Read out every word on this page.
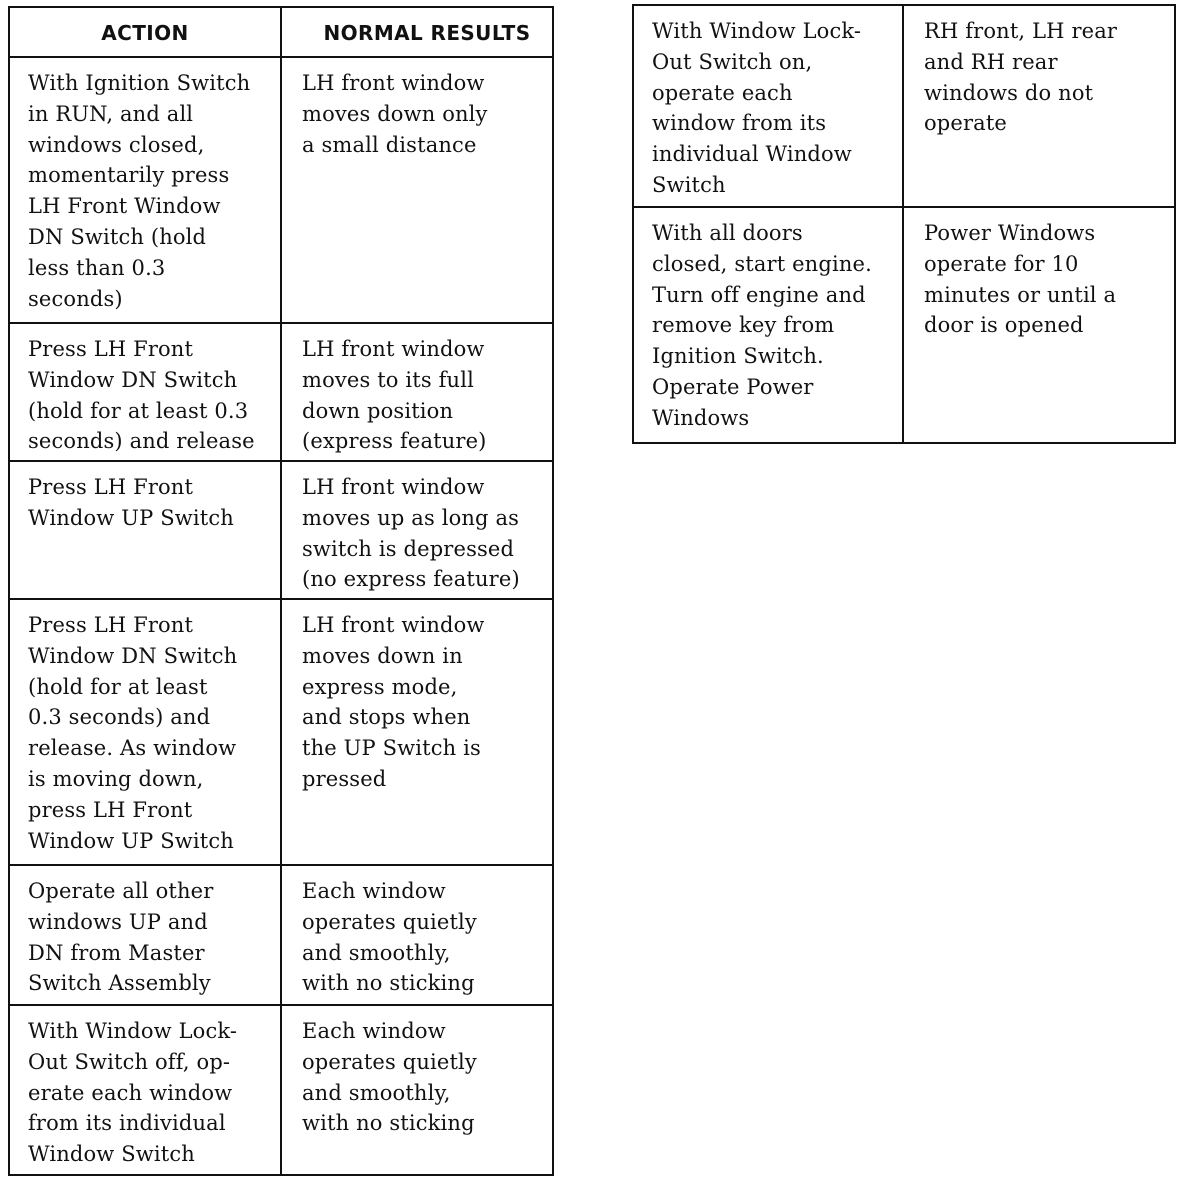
ACTION	NORMAL RESULTS
With Ignition Switch
in RUN, and all
windows closed,
momentarily press
LH Front Window
DN Switch (hold
less than 0.3
seconds)
LH front window
moves down only
a small distance
Press LH Front
Window DN Switch
(hold for at least 0.3
seconds) and release
LH front window
moves to its full
down position
(express feature)
Press LH Front
Window UP Switch
LH front window
moves up as long as
switch is depressed
(no express feature)
Press LH Front
Window DN Switch
(hold for at least
0.3 seconds) and
release. As window
is moving down,
press LH Front
Window UP Switch
LH front window
moves down in
express mode,
and stops when
the UP Switch is
pressed
Operate all other
windows UP and
DN from Master
Switch Assembly
Each window
operates quietly
and smoothly,
with no sticking
With Window Lock-
Out Switch off, op-
erate each window
from its individual
Window Switch
Each window
operates quietly
and smoothly,
with no sticking
With Window Lock-
Out Switch on,
operate each
window from its
individual Window
Switch
RH front, LH rear
and RH rear
windows do not
operate
With all doors
closed, start engine.
Turn off engine and
remove key from
Ignition Switch.
Operate Power
Windows
Power Windows
operate for 10
minutes or until a
door is opened
